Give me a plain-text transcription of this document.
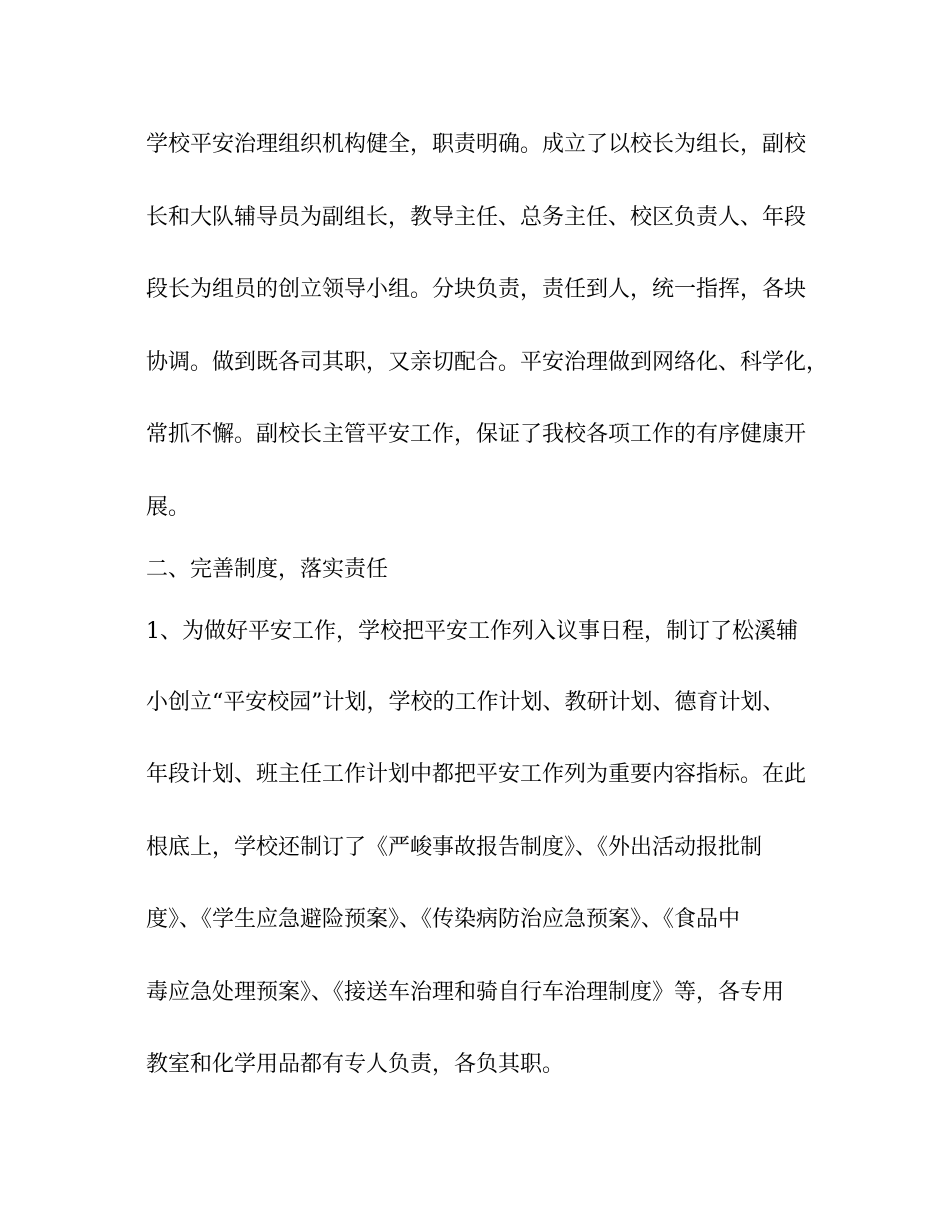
学校平安治理组织机构健全，职责明确。成立了以校长为组长，副校
长和大队辅导员为副组长，教导主任、总务主任、校区负责人、年段
段长为组员的创立领导小组。分块负责，责任到人，统一指挥，各块
协调。做到既各司其职，又亲切配合。平安治理做到网络化、科学化，
常抓不懈。副校长主管平安工作，保证了我校各项工作的有序健康开
展。
二、完善制度，落实责任
1、为做好平安工作，学校把平安工作列入议事日程，制订了松溪辅
小创立“平安校园”计划，学校的工作计划、教研计划、德育计划、
年段计划、班主任工作计划中都把平安工作列为重要内容指标。在此
根底上，学校还制订了《严峻事故报告制度》、《外出活动报批制
度》、《学生应急避险预案》、《传染病防治应急预案》、《食品中
毒应急处理预案》、《接送车治理和骑自行车治理制度》等，各专用
教室和化学用品都有专人负责，各负其职。
